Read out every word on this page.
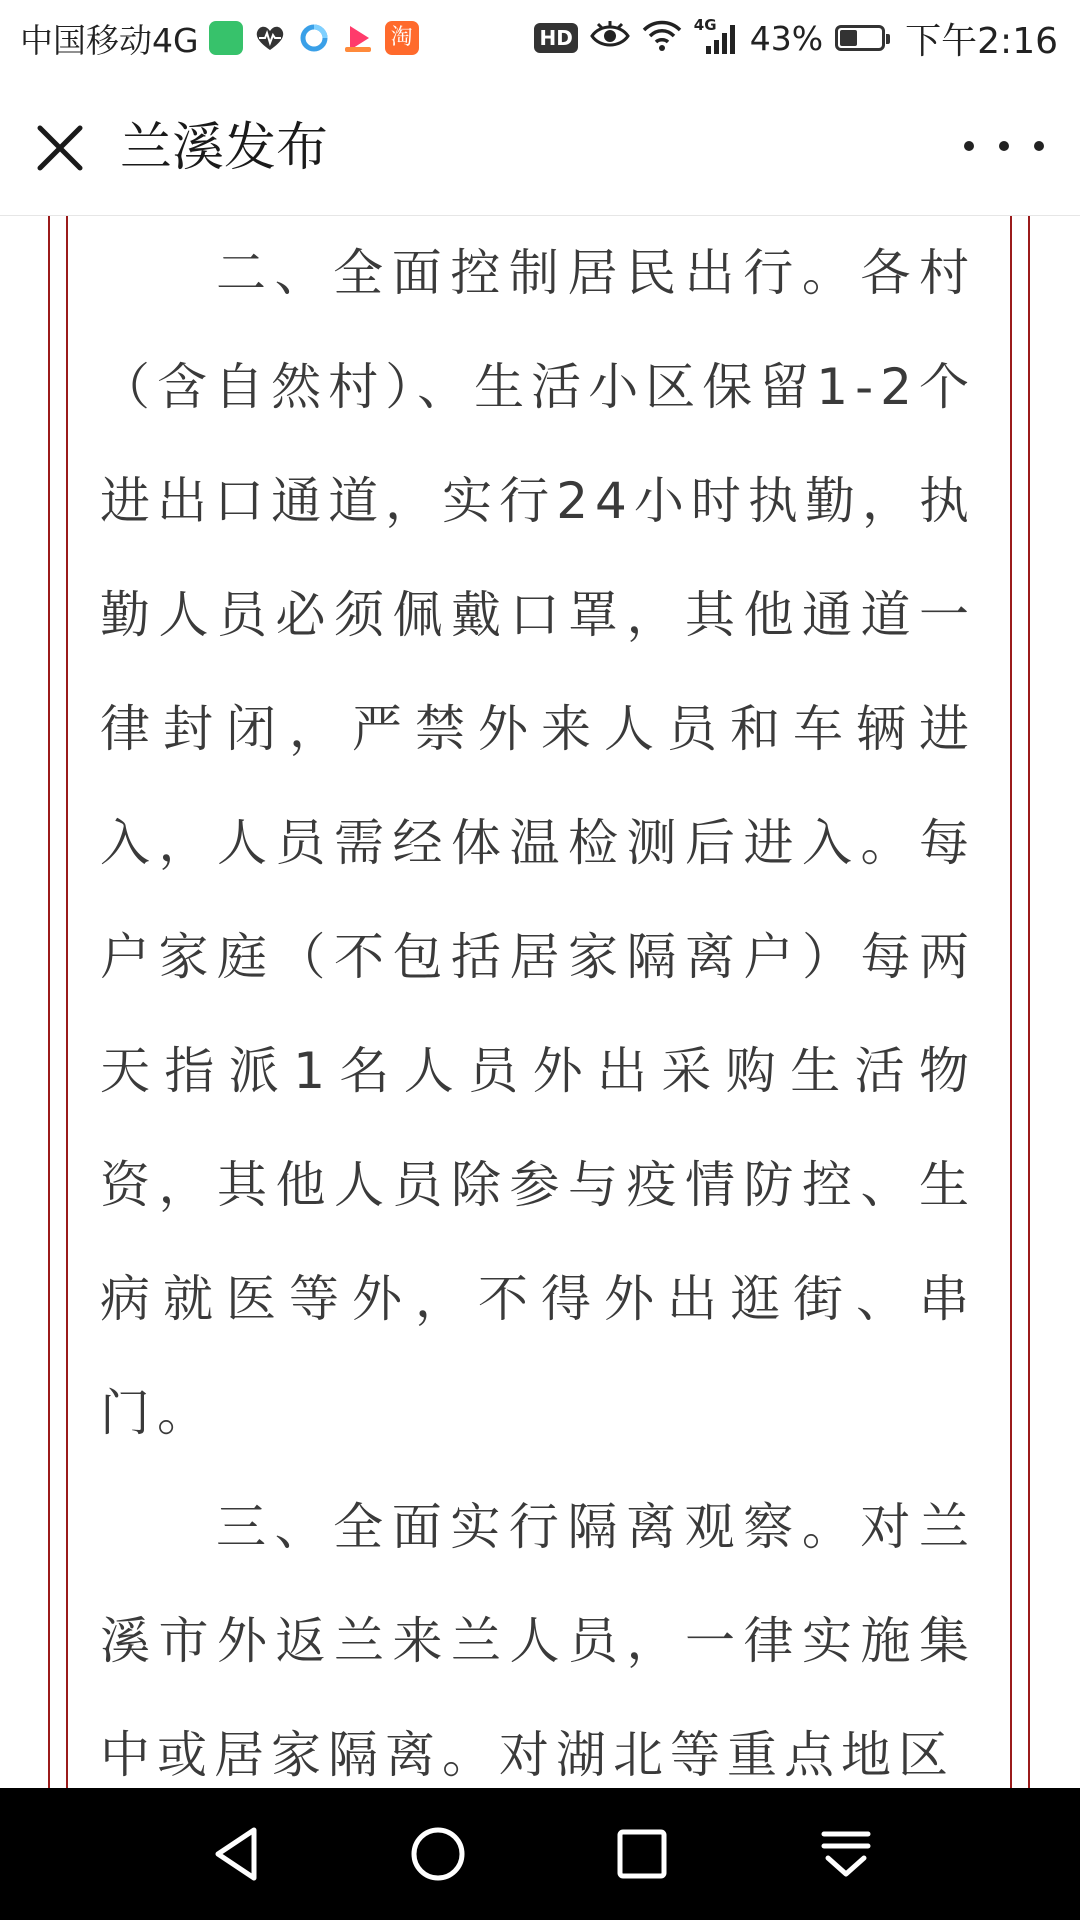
中国移动4G	淘	HD
4G 43% 下午2:16
兰溪发布

二、全面控制居民出行。各村（含自然村）、生活小区保留1-2个进出口通道，实行24小时执勤，执勤人员必须佩戴口罩，其他通道一律封闭，严禁外来人员和车辆进入，人员需经体温检测后进入。每户家庭（不包括居家隔离户）每两天指派1名人员外出采购生活物资，其他人员除参与疫情防控、生病就医等外，不得外出逛街、串门。

三、全面实行隔离观察。对兰溪市外返兰来兰人员，一律实施集中或居家隔离。对湖北等重点地区
